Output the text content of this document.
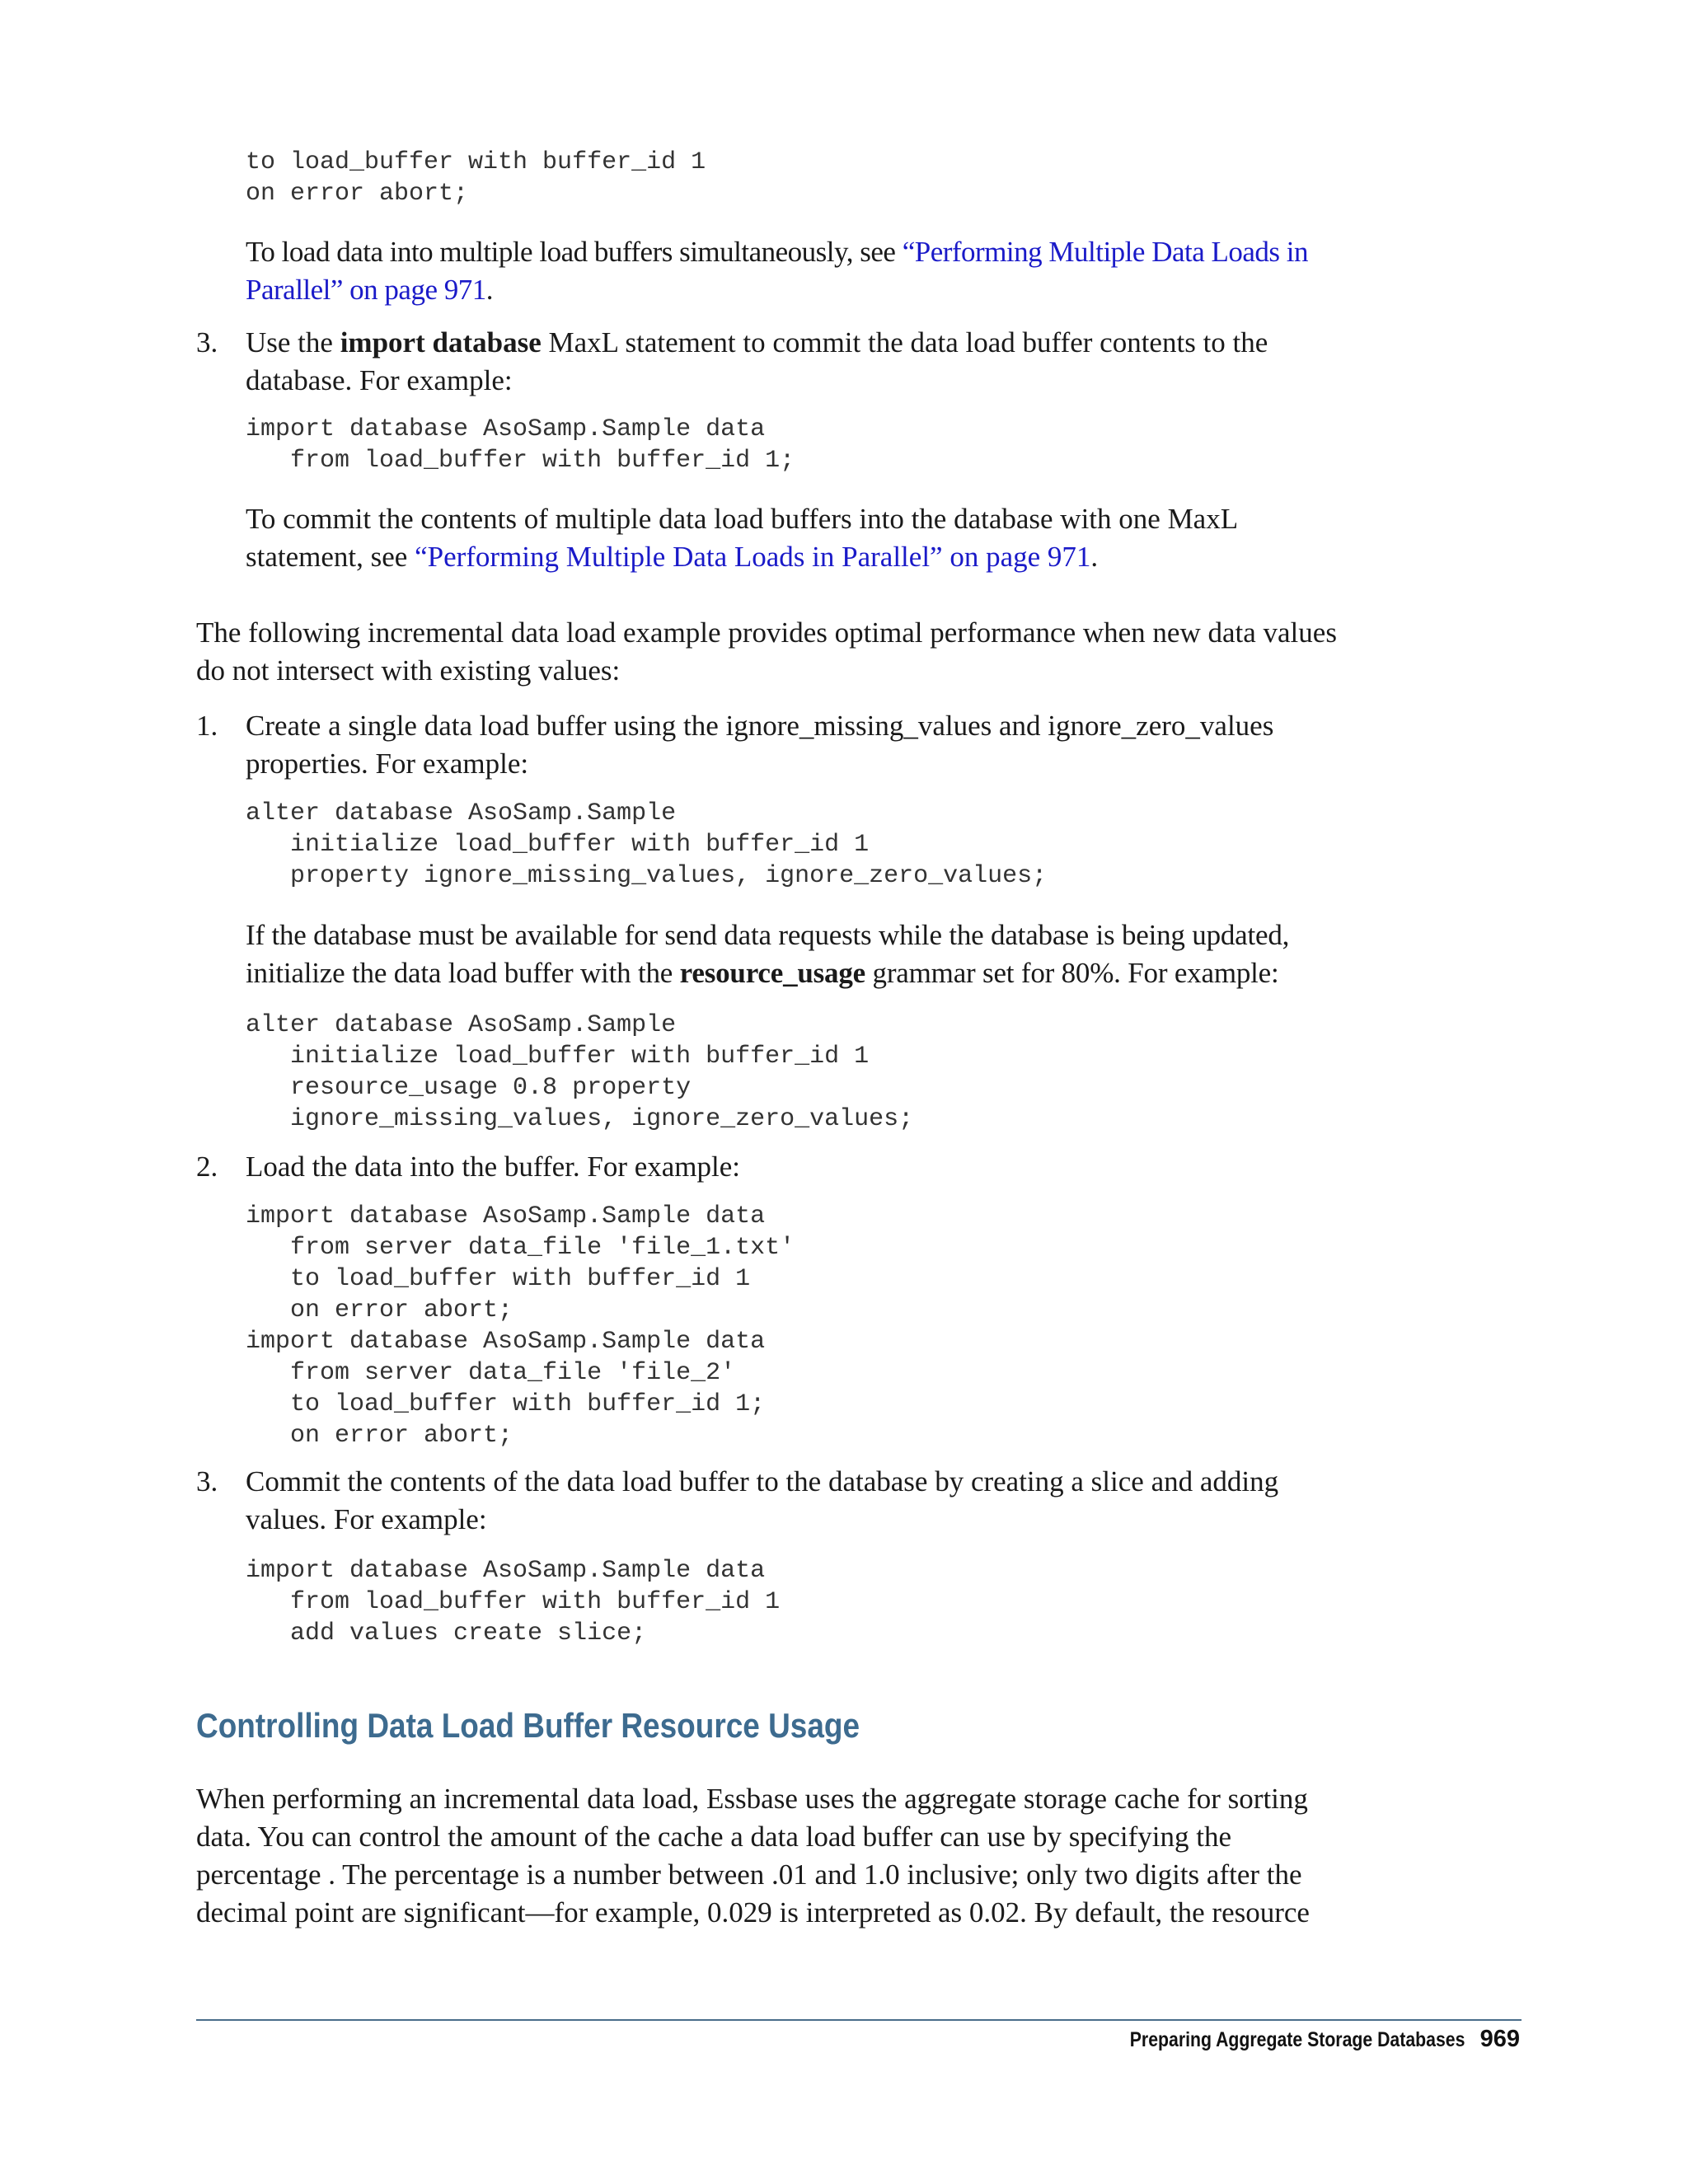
to load_buffer with buffer_id 1
on error abort;
To load data into multiple load buffers simultaneously, see “Performing Multiple Data Loads in Parallel” on page 971.
3. Use the import database MaxL statement to commit the data load buffer contents to the database. For example:
import database AsoSamp.Sample data
from load_buffer with buffer_id 1;
To commit the contents of multiple data load buffers into the database with one MaxL statement, see “Performing Multiple Data Loads in Parallel” on page 971.
The following incremental data load example provides optimal performance when new data values do not intersect with existing values:
1. Create a single data load buffer using the ignore_missing_values and ignore_zero_values properties. For example:
alter database AsoSamp.Sample
initialize load_buffer with buffer_id 1
property ignore_missing_values, ignore_zero_values;
If the database must be available for send data requests while the database is being updated, initialize the data load buffer with the resource_usage grammar set for 80%. For example:
alter database AsoSamp.Sample
initialize load_buffer with buffer_id 1
resource_usage 0.8 property
ignore_missing_values, ignore_zero_values;
2. Load the data into the buffer. For example:
import database AsoSamp.Sample data
from server data_file 'file_1.txt'
to load_buffer with buffer_id 1
on error abort;
import database AsoSamp.Sample data
from server data_file 'file_2'
to load_buffer with buffer_id 1;
on error abort;
3. Commit the contents of the data load buffer to the database by creating a slice and adding values. For example:
import database AsoSamp.Sample data
from load_buffer with buffer_id 1
add values create slice;
Controlling Data Load Buffer Resource Usage
When performing an incremental data load, Essbase uses the aggregate storage cache for sorting data. You can control the amount of the cache a data load buffer can use by specifying the percentage . The percentage is a number between .01 and 1.0 inclusive; only two digits after the decimal point are significant—for example, 0.029 is interpreted as 0.02. By default, the resource
Preparing Aggregate Storage Databases 969
